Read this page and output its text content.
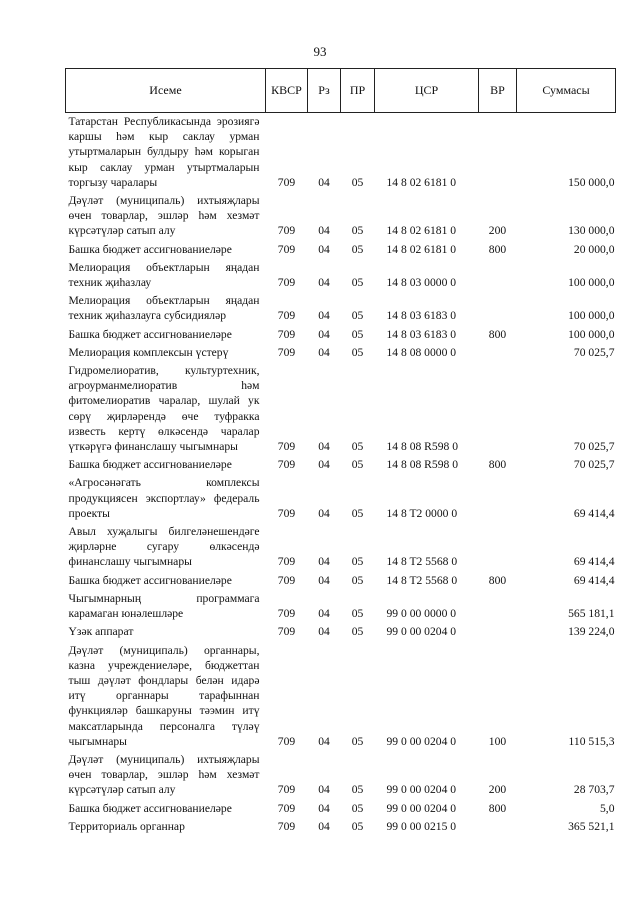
93
Исеме	КВСР	Рз	ПР	ЦСР	ВР	Суммасы
Татарстан Республикасында эрозиягә каршы һәм кыр саклау урман утыртмаларын булдыру һәм корыган кыр саклау урман утыртмаларын торгызу чаралары	709	04	05	14 8 02 6181 0		150 000,0
Дәүләт (муниципаль) ихтыяҗлары өчен товарлар, эшләр һәм хезмәт күрсәтүләр сатып алу	709	04	05	14 8 02 6181 0	200	130 000,0
Башка бюджет ассигнованиеләре	709	04	05	14 8 02 6181 0	800	20 000,0
Мелиорация объектларын яңадан техник җиһазлау	709	04	05	14 8 03 0000 0		100 000,0
Мелиорация объектларын яңадан техник җиһазлауга субсидияләр	709	04	05	14 8 03 6183 0		100 000,0
Башка бюджет ассигнованиеләре	709	04	05	14 8 03 6183 0	800	100 000,0
Мелиорация комплексын үстерү	709	04	05	14 8 08 0000 0		70 025,7
Гидромелиоратив, культуртехник, агроурманмелиоратив һәм фитомелиоратив чаралар, шулай ук сөрү җирләрендә өче туфракка известь кертү өлкәсендә чаралар үткәрүгә финанслашу чыгымнары	709	04	05	14 8 08 R598 0		70 025,7
Башка бюджет ассигнованиеләре	709	04	05	14 8 08 R598 0	800	70 025,7
«Агросәнәгать комплексы продукциясен экспортлау» федераль проекты	709	04	05	14 8 T2 0000 0		69 414,4
Авыл хуҗалыгы билгеләнешендәге җирләрне сугару өлкәсендә финанслашу чыгымнары	709	04	05	14 8 T2 5568 0		69 414,4
Башка бюджет ассигнованиеләре	709	04	05	14 8 T2 5568 0	800	69 414,4
Чыгымнарның программага карамаган юнәлешләре	709	04	05	99 0 00 0000 0		565 181,1
Үзәк аппарат	709	04	05	99 0 00 0204 0		139 224,0
Дәүләт (муниципаль) органнары, казна учреждениеләре, бюджеттан тыш дәүләт фондлары белән идарә итү органнары тарафыннан функцияләр башкаруны тәэмин итү максатларында персоналга түләү чыгымнары	709	04	05	99 0 00 0204 0	100	110 515,3
Дәүләт (муниципаль) ихтыяҗлары өчен товарлар, эшләр һәм хезмәт күрсәтүләр сатып алу	709	04	05	99 0 00 0204 0	200	28 703,7
Башка бюджет ассигнованиеләре	709	04	05	99 0 00 0204 0	800	5,0
Территориаль органнар	709	04	05	99 0 00 0215 0		365 521,1
